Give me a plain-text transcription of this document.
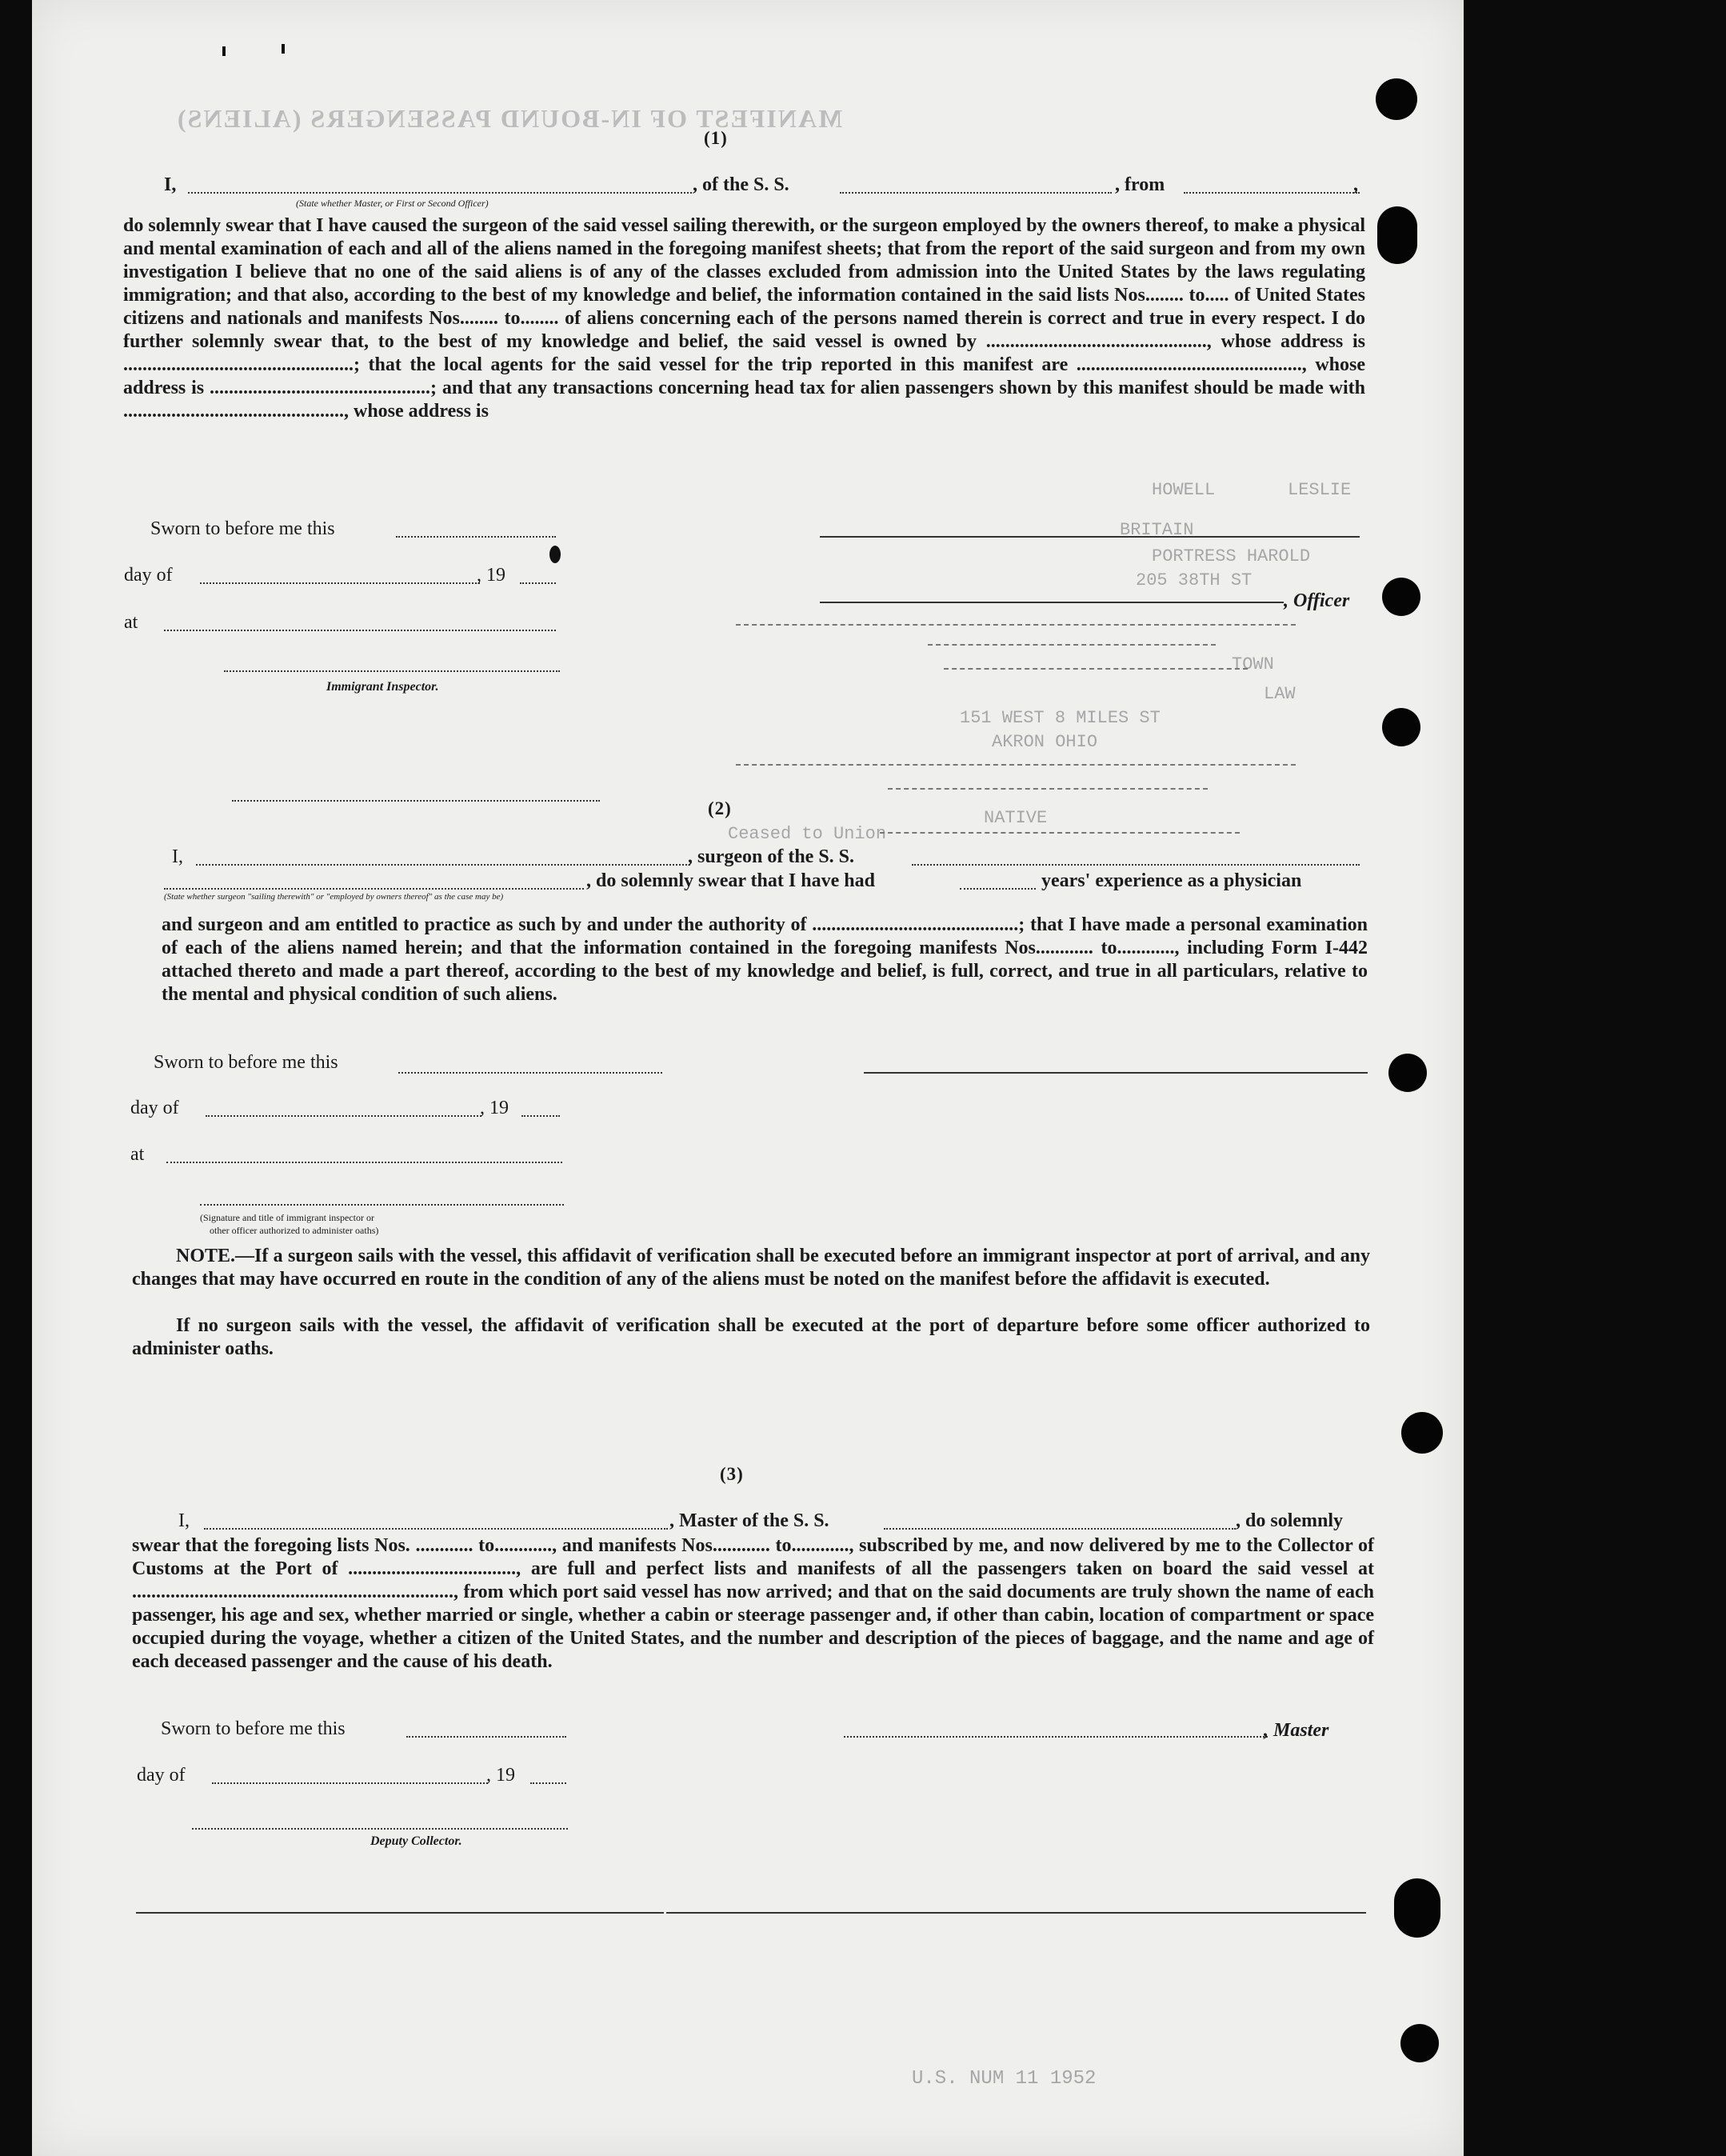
MANIFEST OF IN-BOUND PASSENGERS (ALIENS)
HOWELL	LESLIE
BRITAIN
PORTRESS HAROLD
205 38TH ST
TOWN
LAW
151 WEST 8 MILES ST
AKRON OHIO
NATIVE
Ceased to Union
U.S. NUM 11 1952
(1)
I,	, of the S. S.	, from	,
(State whether Master, or First or Second Officer)
do solemnly swear that I have caused the surgeon of the said vessel sailing therewith, or the surgeon employed by the owners thereof, to make a physical and mental examination of each and all of the aliens named in the foregoing manifest sheets; that from the report of the said surgeon and from my own investigation I believe that no one of the said aliens is of any of the classes excluded from admission into the United States by the laws regulating immigration; and that also, according to the best of my knowledge and belief, the information contained in the said lists Nos........ to..... of United States citizens and nationals and manifests Nos........ to........ of aliens concerning each of the persons named therein is correct and true in every respect. I do further solemnly swear that, to the best of my knowledge and belief, the said vessel is owned by .............................................., whose address is ................................................; that the local agents for the said vessel for the trip reported in this manifest are ..............................................., whose address is ..............................................; and that any transactions concerning head tax for alien passengers shown by this manifest should be made with .............................................., whose address is
Sworn to before me this
day of	, 19
, Officer
at
Immigrant Inspector.
(2)
I,	, surgeon of the S. S.
, do solemnly swear that I have had	years' experience as a physician
(State whether surgeon "sailing therewith" or "employed by owners thereof" as the case may be)
and surgeon and am entitled to practice as such by and under the authority of ...........................................; that I have made a personal examination of each of the aliens named herein; and that the information contained in the foregoing manifests Nos............ to............, including Form I-442 attached thereto and made a part thereof, according to the best of my knowledge and belief, is full, correct, and true in all particulars, relative to the mental and physical condition of such aliens.
Sworn to before me this
day of	, 19
at
(Signature and title of immigrant inspector or
other officer authorized to administer oaths)
NOTE.—If a surgeon sails with the vessel, this affidavit of verification shall be executed before an immigrant inspector at port of arrival, and any changes that may have occurred en route in the condition of any of the aliens must be noted on the manifest before the affidavit is executed.
If no surgeon sails with the vessel, the affidavit of verification shall be executed at the port of departure before some officer authorized to administer oaths.
(3)
I,	, Master of the S. S.	, do solemnly
swear that the foregoing lists Nos. ............ to............, and manifests Nos............ to............, subscribed by me, and now delivered by me to the Collector of Customs at the Port of ..................................., are full and perfect lists and manifests of all the passengers taken on board the said vessel at ..................................................................., from which port said vessel has now arrived; and that on the said documents are truly shown the name of each passenger, his age and sex, whether married or single, whether a cabin or steerage passenger and, if other than cabin, location of compartment or space occupied during the voyage, whether a citizen of the United States, and the number and description of the pieces of baggage, and the name and age of each deceased passenger and the cause of his death.
Sworn to before me this	, Master
day of	, 19
Deputy Collector.
